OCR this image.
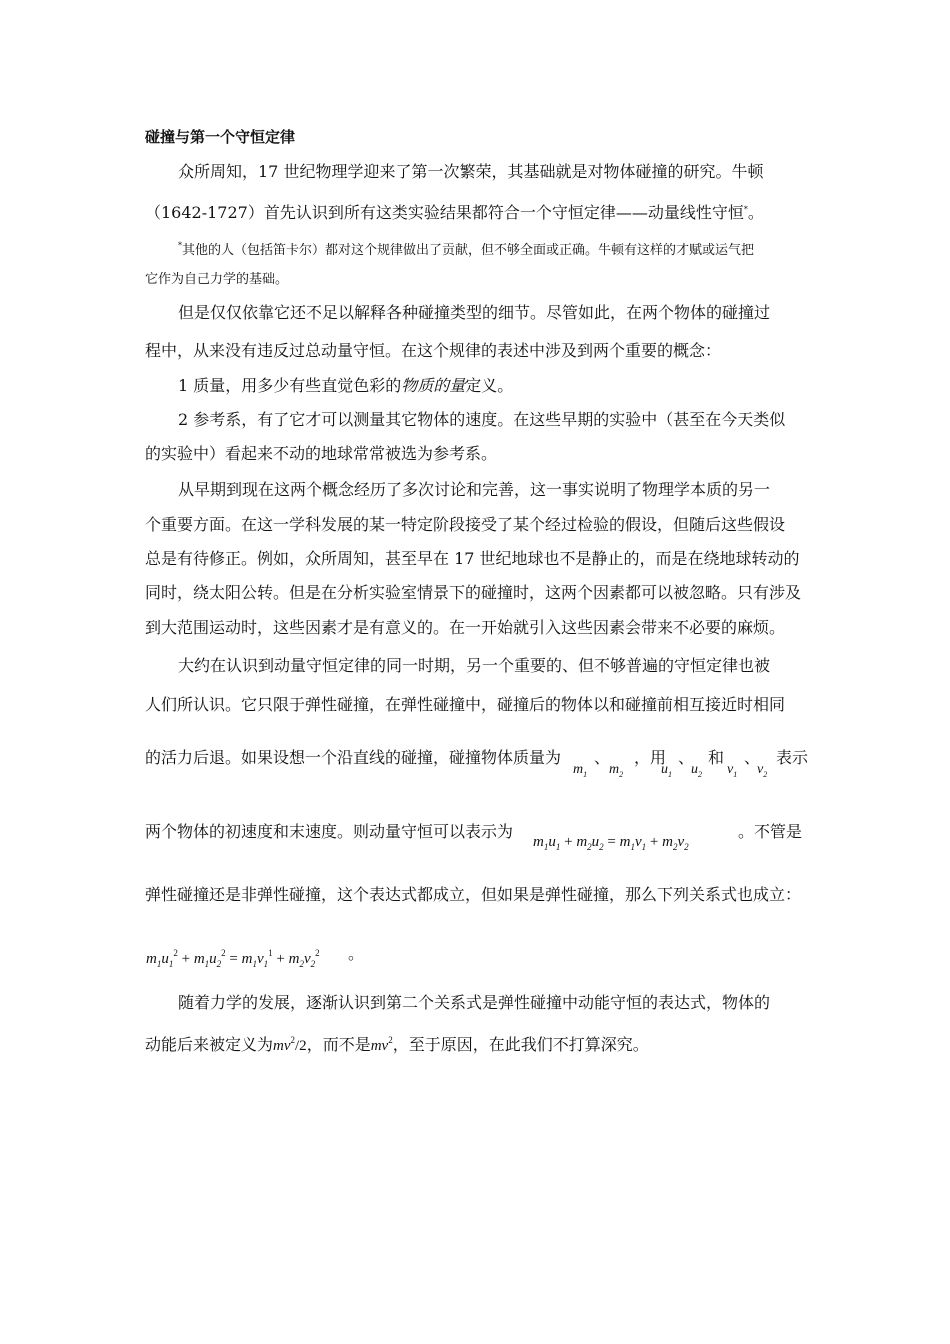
碰撞与第一个守恒定律
众所周知，17 世纪物理学迎来了第一次繁荣，其基础就是对物体碰撞的研究。牛顿
（1642-1727）首先认识到所有这类实验结果都符合一个守恒定律——动量线性守恒*。
*其他的人（包括笛卡尔）都对这个规律做出了贡献，但不够全面或正确。牛顿有这样的才赋或运气把
它作为自己力学的基础。
但是仅仅依靠它还不足以解释各种碰撞类型的细节。尽管如此，在两个物体的碰撞过
程中，从来没有违反过总动量守恒。在这个规律的表述中涉及到两个重要的概念：
1 质量，用多少有些直觉色彩的物质的量定义。
2 参考系，有了它才可以测量其它物体的速度。在这些早期的实验中（甚至在今天类似
的实验中）看起来不动的地球常常被选为参考系。
从早期到现在这两个概念经历了多次讨论和完善，这一事实说明了物理学本质的另一
个重要方面。在这一学科发展的某一特定阶段接受了某个经过检验的假设，但随后这些假设
总是有待修正。例如，众所周知，甚至早在 17 世纪地球也不是静止的，而是在绕地球转动的
同时，绕太阳公转。但是在分析实验室情景下的碰撞时，这两个因素都可以被忽略。只有涉及
到大范围运动时，这些因素才是有意义的。在一开始就引入这些因素会带来不必要的麻烦。
大约在认识到动量守恒定律的同一时期，另一个重要的、但不够普遍的守恒定律也被
人们所认识。它只限于弹性碰撞，在弹性碰撞中，碰撞后的物体以和碰撞前相互接近时相同
的活力后退。如果设想一个沿直线的碰撞，碰撞物体质量为
$m_1$
、
$m_2$
，用
$u_1$
、
$u_2$
和
$v_1$
、
$v_2$
表示
两个物体的初速度和末速度。则动量守恒可以表示为
$m_1u_1 + m_2u_2 = m_1v_1 + m_2v_2$
。不管是
弹性碰撞还是非弹性碰撞，这个表达式都成立，但如果是弹性碰撞，那么下列关系式也成立：
$m_1u_1^2 + m_1u_2^2 = m_1v_1^1 + m_2v_2^2$ 。
随着力学的发展，逐渐认识到第二个关系式是弹性碰撞中动能守恒的表达式，物体的
动能后来被定义为$mv^2/2$，而不是$mv^2$，至于原因，在此我们不打算深究。
